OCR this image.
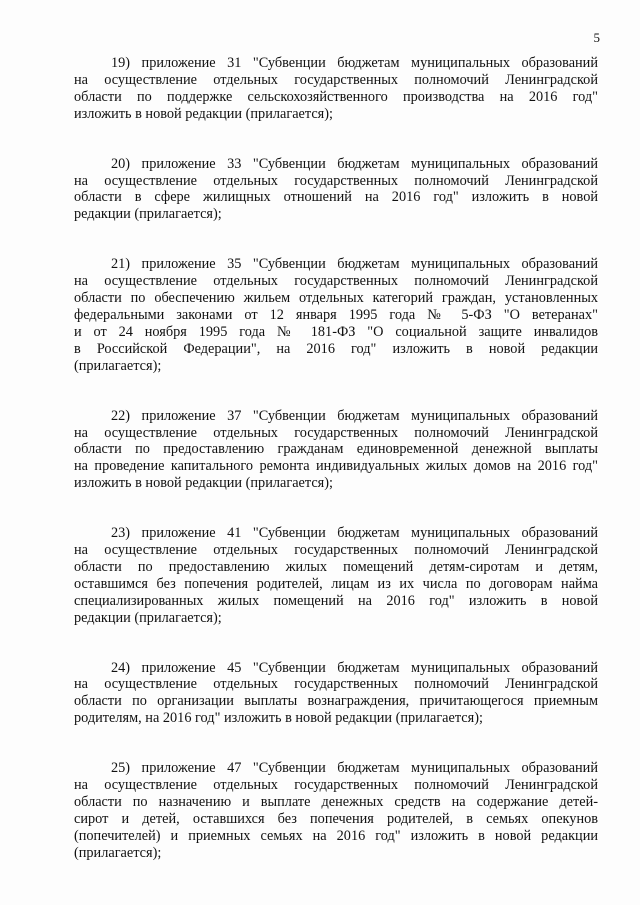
5

19) приложение 31 "Субвенции бюджетам муниципальных образований
на осуществление отдельных государственных полномочий Ленинградской
области по поддержке сельскохозяйственного производства на 2016 год"
изложить в новой редакции (прилагается);

20) приложение 33 "Субвенции бюджетам муниципальных образований
на осуществление отдельных государственных полномочий Ленинградской
области в сфере жилищных отношений на 2016 год" изложить в новой
редакции (прилагается);

21) приложение 35 "Субвенции бюджетам муниципальных образований
на осуществление отдельных государственных полномочий Ленинградской
области по обеспечению жильем отдельных категорий граждан, установленных
федеральными законами от 12 января 1995 года № 5-ФЗ "О ветеранах"
и от 24 ноября 1995 года № 181-ФЗ "О социальной защите инвалидов
в Российской Федерации", на 2016 год" изложить в новой редакции
(прилагается);

22) приложение 37 "Субвенции бюджетам муниципальных образований
на осуществление отдельных государственных полномочий Ленинградской
области по предоставлению гражданам единовременной денежной выплаты
на проведение капитального ремонта индивидуальных жилых домов на 2016 год"
изложить в новой редакции (прилагается);

23) приложение 41 "Субвенции бюджетам муниципальных образований
на осуществление отдельных государственных полномочий Ленинградской
области по предоставлению жилых помещений детям-сиротам и детям,
оставшимся без попечения родителей, лицам из их числа по договорам найма
специализированных жилых помещений на 2016 год" изложить в новой
редакции (прилагается);

24) приложение 45 "Субвенции бюджетам муниципальных образований
на осуществление отдельных государственных полномочий Ленинградской
области по организации выплаты вознаграждения, причитающегося приемным
родителям, на 2016 год" изложить в новой редакции (прилагается);

25) приложение 47 "Субвенции бюджетам муниципальных образований
на осуществление отдельных государственных полномочий Ленинградской
области по назначению и выплате денежных средств на содержание детей-
сирот и детей, оставшихся без попечения родителей, в семьях опекунов
(попечителей) и приемных семьях на 2016 год" изложить в новой редакции
(прилагается);
